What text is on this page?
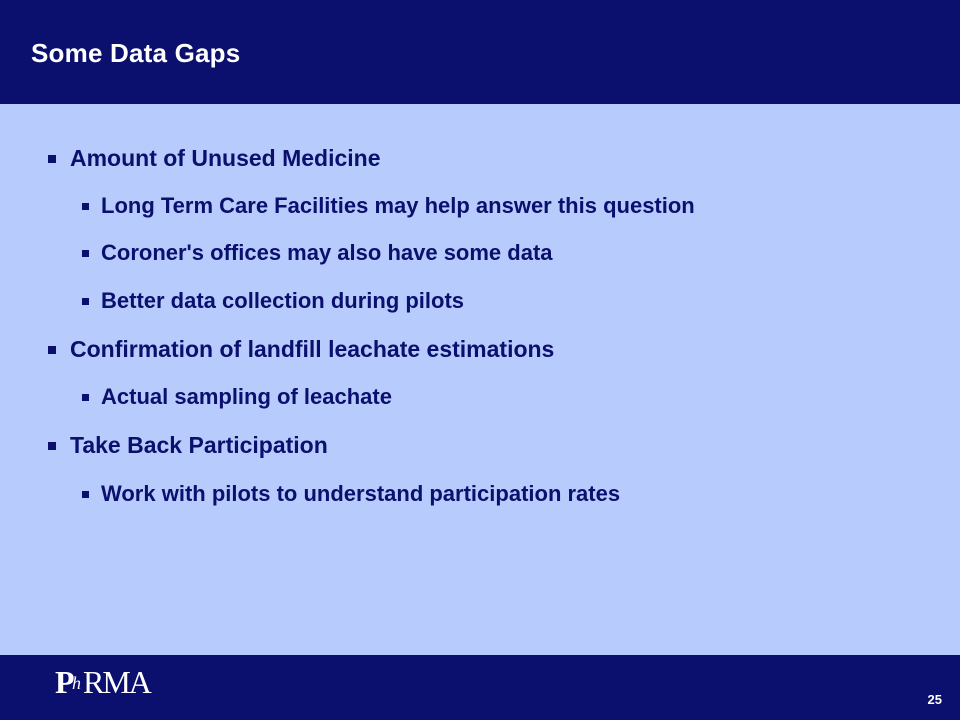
Some Data Gaps
Amount of Unused Medicine
Long Term Care Facilities may help answer this question
Coroner's offices may also have some data
Better data collection during pilots
Confirmation of landfill leachate estimations
Actual sampling of leachate
Take Back Participation
Work with pilots to understand participation rates
P
h RMA	25
